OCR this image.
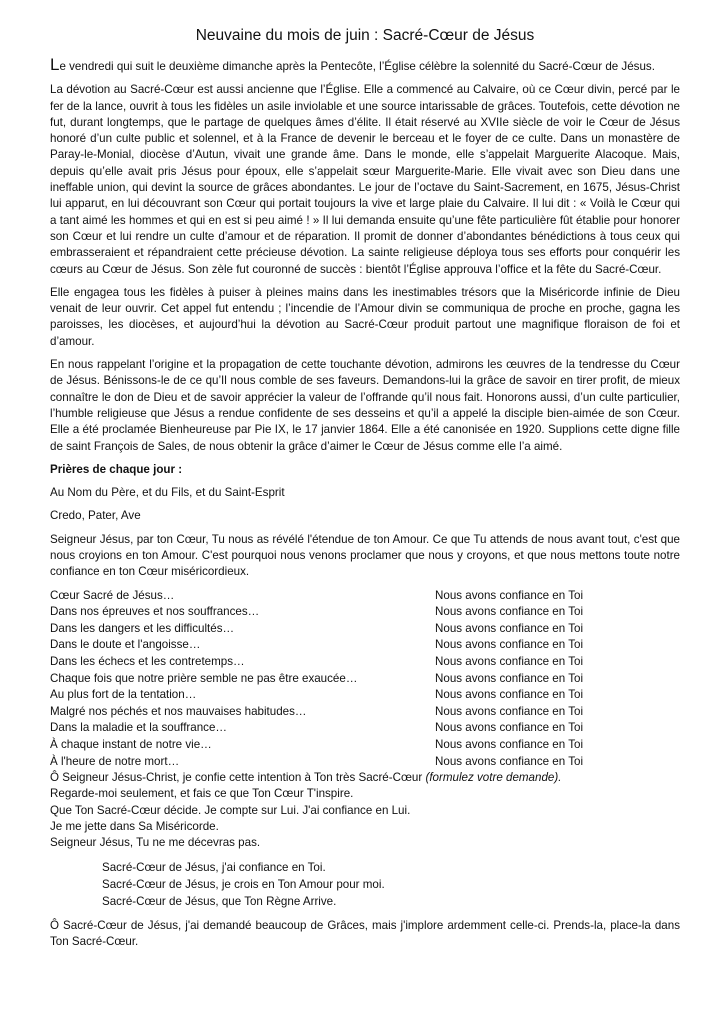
Neuvaine du mois de juin : Sacré-Cœur de Jésus

Le vendredi qui suit le deuxième dimanche après la Pentecôte, l’Église célèbre la solennité du Sacré-Cœur de Jésus.

La dévotion au Sacré-Cœur est aussi ancienne que l’Église. Elle a commencé au Calvaire, où ce Cœur divin, percé par le fer de la lance, ouvrit à tous les fidèles un asile inviolable et une source intarissable de grâces. Toutefois, cette dévotion ne fut, durant longtemps, que le partage de quelques âmes d’élite. Il était réservé au XVIIe siècle de voir le Cœur de Jésus honoré d’un culte public et solennel, et à la France de devenir le berceau et le foyer de ce culte. Dans un monastère de Paray-le-Monial, diocèse d’Autun, vivait une grande âme. Dans le monde, elle s’appelait Marguerite Alacoque. Mais, depuis qu’elle avait pris Jésus pour époux, elle s’appelait sœur Marguerite-Marie. Elle vivait avec son Dieu dans une ineffable union, qui devint la source de grâces abondantes. Le jour de l’octave du Saint-Sacrement, en 1675, Jésus-Christ lui apparut, en lui découvrant son Cœur qui portait toujours la vive et large plaie du Calvaire. Il lui dit : « Voilà le Cœur qui a tant aimé les hommes et qui en est si peu aimé ! » Il lui demanda ensuite qu’une fête particulière fût établie pour honorer son Cœur et lui rendre un culte d’amour et de réparation. Il promit de donner d’abondantes bénédictions à tous ceux qui embrasseraient et répandraient cette précieuse dévotion. La sainte religieuse déploya tous ses efforts pour conquérir les cœurs au Cœur de Jésus. Son zèle fut couronné de succès : bientôt l’Église approuva l’office et la fête du Sacré-Cœur.

Elle engagea tous les fidèles à puiser à pleines mains dans les inestimables trésors que la Miséricorde infinie de Dieu venait de leur ouvrir. Cet appel fut entendu ; l’incendie de l’Amour divin se communiqua de proche en proche, gagna les paroisses, les diocèses, et aujourd’hui la dévotion au Sacré-Cœur produit partout une magnifique floraison de foi et d’amour.

En nous rappelant l’origine et la propagation de cette touchante dévotion, admirons les œuvres de la tendresse du Cœur de Jésus. Bénissons-le de ce qu’Il nous comble de ses faveurs. Demandons-lui la grâce de savoir en tirer profit, de mieux connaître le don de Dieu et de savoir apprécier la valeur de l’offrande qu’il nous fait. Honorons aussi, d’un culte particulier, l’humble religieuse que Jésus a rendue confidente de ses desseins et qu’il a appelé la disciple bien-aimée de son Cœur. Elle a été proclamée Bienheureuse par Pie IX, le 17 janvier 1864. Elle a été canonisée en 1920. Supplions cette digne fille de saint François de Sales, de nous obtenir la grâce d’aimer le Cœur de Jésus comme elle l’a aimé.

Prières de chaque jour :

Au Nom du Père, et du Fils, et du Saint-Esprit

Credo, Pater, Ave

Seigneur Jésus, par ton Cœur, Tu nous as révélé l'étendue de ton Amour. Ce que Tu attends de nous avant tout, c'est que nous croyions en ton Amour. C'est pourquoi nous venons proclamer que nous y croyons, et que nous mettons toute notre confiance en ton Cœur miséricordieux.

Cœur Sacré de Jésus…	Nous avons confiance en Toi
Dans nos épreuves et nos souffrances…	Nous avons confiance en Toi
Dans les dangers et les difficultés…	Nous avons confiance en Toi
Dans le doute et l'angoisse…	Nous avons confiance en Toi
Dans les échecs et les contretemps…	Nous avons confiance en Toi
Chaque fois que notre prière semble ne pas être exaucée…	Nous avons confiance en Toi
Au plus fort de la tentation…	Nous avons confiance en Toi
Malgré nos péchés et nos mauvaises habitudes…	Nous avons confiance en Toi
Dans la maladie et la souffrance…	Nous avons confiance en Toi
À chaque instant de notre vie…	Nous avons confiance en Toi
À l'heure de notre mort…	Nous avons confiance en Toi
Ô Seigneur Jésus-Christ, je confie cette intention à Ton très Sacré-Cœur (formulez votre demande).
Regarde-moi seulement, et fais ce que Ton Cœur T'inspire.
Que Ton Sacré-Cœur décide. Je compte sur Lui. J'ai confiance en Lui.
Je me jette dans Sa Miséricorde.
Seigneur Jésus, Tu ne me décevras pas.
Sacré-Cœur de Jésus, j'ai confiance en Toi.
Sacré-Cœur de Jésus, je crois en Ton Amour pour moi.
Sacré-Cœur de Jésus, que Ton Règne Arrive.

Ô Sacré-Cœur de Jésus, j'ai demandé beaucoup de Grâces, mais j'implore ardemment celle-ci. Prends-la, place-la dans Ton Sacré-Cœur.
